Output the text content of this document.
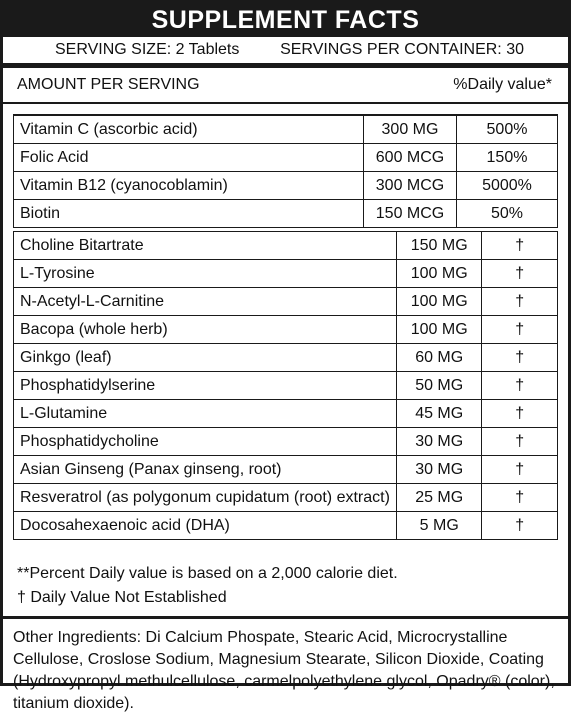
SUPPLEMENT FACTS
SERVING SIZE: 2 Tablets	SERVINGS PER CONTAINER: 30
AMOUNT PER SERVING	%Daily value*
Vitamin C (ascorbic acid)	300 MG	500%
Folic Acid	600 MCG	150%
Vitamin B12 (cyanocoblamin)	300 MCG	5000%
Biotin	150 MCG	50%
Choline Bitartrate	150 MG	†
L-Tyrosine	100 MG	†
N-Acetyl-L-Carnitine	100 MG	†
Bacopa (whole herb)	100 MG	†
Ginkgo (leaf)	60 MG	†
Phosphatidylserine	50 MG	†
L-Glutamine	45 MG	†
Phosphatidycholine	30 MG	†
Asian Ginseng (Panax ginseng, root)	30 MG	†
Resveratrol (as polygonum cupidatum (root) extract)	25 MG	†
Docosahexaenoic acid (DHA)	5 MG	†
**Percent Daily value is based on a 2,000 calorie diet.
† Daily Value Not Established
Other Ingredients: Di Calcium Phospate, Stearic Acid, Microcrystalline Cellulose, Croslose Sodium, Magnesium Stearate, Silicon Dioxide, Coating (Hydroxypropyl methulcellulose, carmelpolyethylene glycol, Opadry® (color), titanium dioxide).
